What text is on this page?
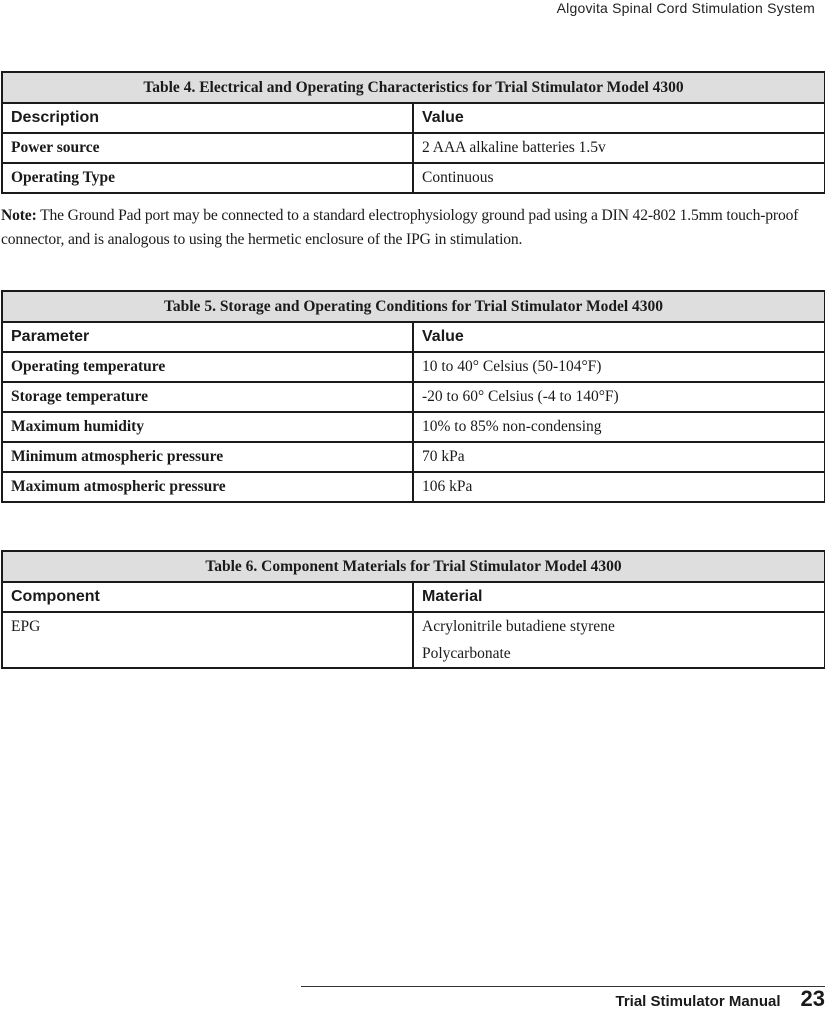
Algovita Spinal Cord Stimulation System
Table 4. Electrical and Operating Characteristics for Trial Stimulator Model 4300	
Description	Value
Power source	2 AAA alkaline batteries 1.5v
Operating Type	Continuous
Note: The Ground Pad port may be connected to a standard electrophysiology ground pad using a DIN 42-802 1.5mm touch-proof connector, and is analogous to using the hermetic enclosure of the IPG in stimulation.
Table 5. Storage and Operating Conditions for Trial Stimulator Model 4300	
Parameter	Value
Operating temperature	10 to 40° Celsius (50-104°F)
Storage temperature	-20 to 60° Celsius (-4 to 140°F)
Maximum humidity	10% to 85% non-condensing
Minimum atmospheric pressure	70 kPa
Maximum atmospheric pressure	106 kPa
Table 6. Component Materials for Trial Stimulator Model 4300	
Component	Material
EPG	Acrylonitrile butadiene styrene
Polycarbonate
Trial Stimulator Manual 23
